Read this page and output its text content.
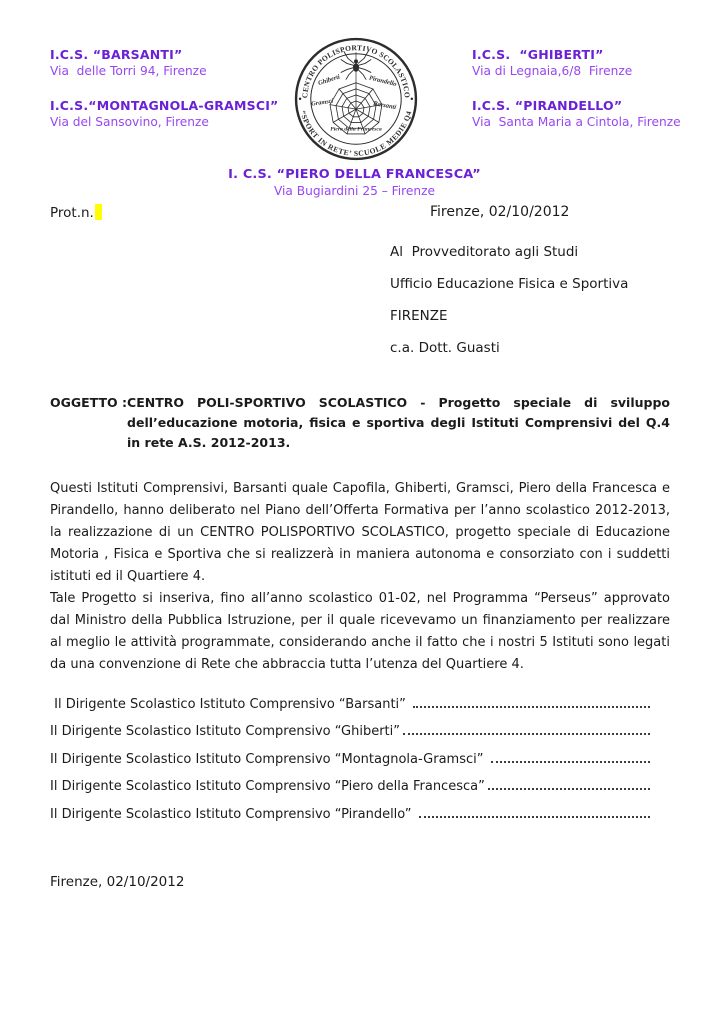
I.C.S. “BARSANTI”
Via  delle Torri 94, Firenze
I.C.S.“MONTAGNOLA-GRAMSCI”
Via del Sansovino, Firenze
I.C.S.  “GHIBERTI”
Via di Legnaia,6/8  Firenze
I.C.S. “PIRANDELLO”
Via  Santa Maria a Cintola, Firenze
CENTRO POLISPORTIVO SCOLASTICO
“SPORT IN RETE’ SCUOLE MEDIE Q4
•	•
Ghiberti	Pirandello
Gramsci	Barsanti
Piero della Francesca
I. C.S. “PIERO DELLA FRANCESCA”
Via Bugiardini 25 – Firenze
Prot.n.	Firenze, 02/10/2012
Al  Provveditorato agli Studi
Ufficio Educazione Fisica e Sportiva
FIRENZE
c.a. Dott. Guasti
OGGETTO : CENTRO POLI-SPORTIVO SCOLASTICO - Progetto speciale di sviluppo dell’educazione motoria, fisica e sportiva degli Istituti Comprensivi del Q.4 in rete A.S. 2012-2013.

Questi Istituti Comprensivi, Barsanti quale Capofila, Ghiberti, Gramsci, Piero della Francesca e Pirandello, hanno deliberato nel Piano dell’Offerta Formativa per l’anno scolastico 2012-2013, la realizzazione di un CENTRO POLISPORTIVO SCOLASTICO, progetto speciale di Educazione Motoria , Fisica e Sportiva che si realizzerà in maniera autonoma e consorziato con i suddetti istituti ed il Quartiere 4.

Tale Progetto si inseriva, fino all’anno scolastico 01-02, nel Programma “Perseus” approvato dal Ministro della Pubblica Istruzione, per il quale ricevevamo un finanziamento per realizzare al meglio le attività programmate, considerando anche il fatto che i nostri 5 Istituti sono legati da una convenzione di Rete che abbraccia tutta l’utenza del Quartiere 4.

Il Dirigente Scolastico Istituto Comprensivo “Barsanti”
Il Dirigente Scolastico Istituto Comprensivo “Ghiberti”
Il Dirigente Scolastico Istituto Comprensivo “Montagnola-Gramsci”
Il Dirigente Scolastico Istituto Comprensivo “Piero della Francesca”
Il Dirigente Scolastico Istituto Comprensivo “Pirandello”
Firenze, 02/10/2012
